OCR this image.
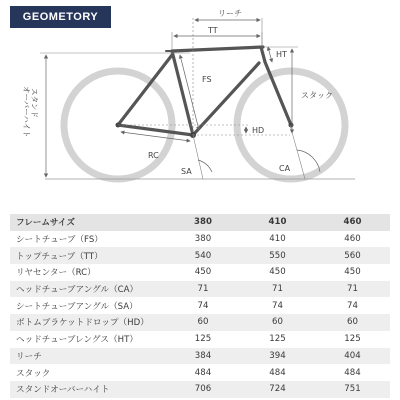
GEOMETORY	リーチ
TT
HT
FS
スタック
HD
RC
SA	CA
スタンド
オーバーハイト
フレームサイズ	380	410	460
シートチューブ（FS）	380	410	460
トップチューブ（TT）	540	550	560
リヤセンター（RC）	450	450	450
ヘッドチューブアングル（CA）	71	71	71
シートチューブアングル（SA）	74	74	74
ボトムブラケットドロップ（HD）	60	60	60
ヘッドチューブレングス（HT）	125	125	125
リーチ	384	394	404
スタック	484	484	484
スタンドオーバーハイト	706	724	751
